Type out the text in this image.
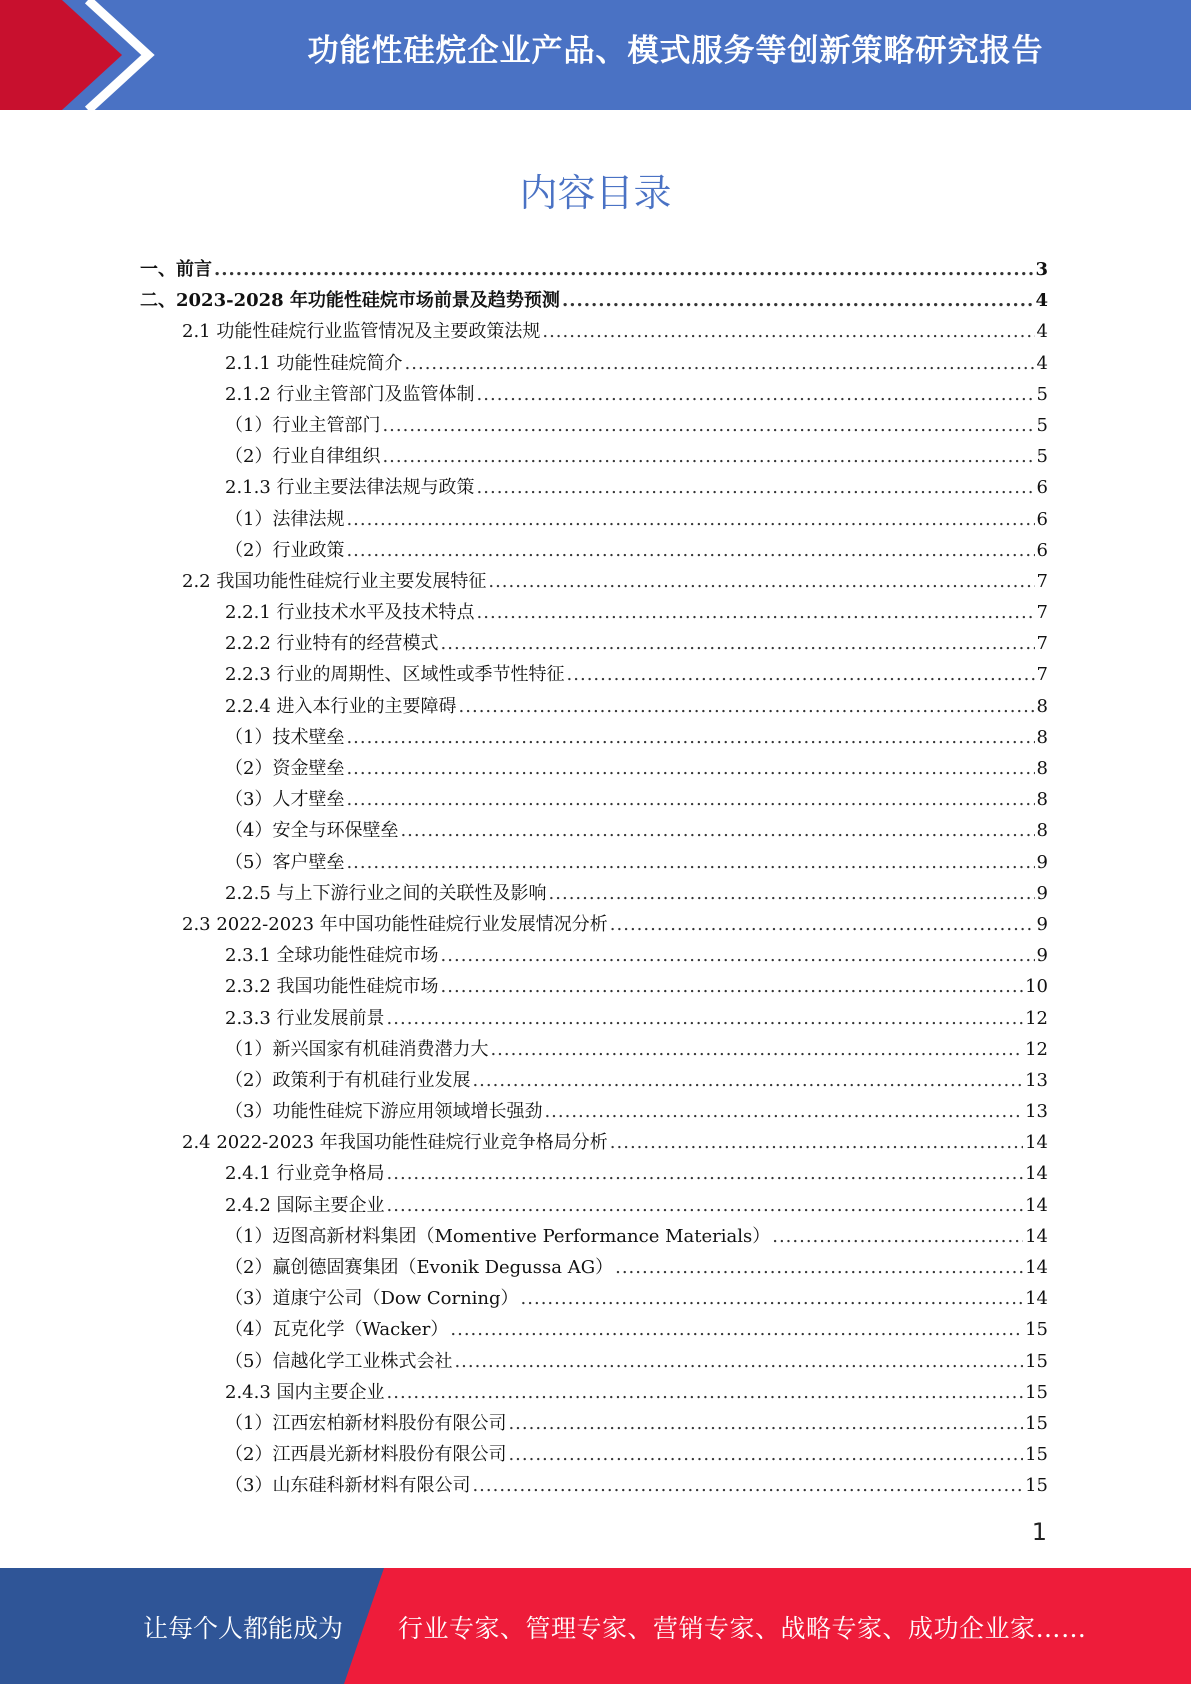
功能性硅烷企业产品、模式服务等创新策略研究报告
内容目录
一、前言 .....	3
二、2023-2028 年功能性硅烷市场前景及趋势预测 .....	4
2.1 功能性硅烷行业监管情况及主要政策法规 .....	4
2.1.1 功能性硅烷简介 .....	4
2.1.2 行业主管部门及监管体制 .....	5
（1）行业主管部门 .....	5
（2）行业自律组织 .....	5
2.1.3 行业主要法律法规与政策 .....	6
（1）法律法规 .....	6
（2）行业政策 .....	6
2.2 我国功能性硅烷行业主要发展特征 .....	7
2.2.1 行业技术水平及技术特点 .....	7
2.2.2 行业特有的经营模式 .....	7
2.2.3 行业的周期性、区域性或季节性特征 .....	7
2.2.4 进入本行业的主要障碍 .....	8
（1）技术壁垒 .....	8
（2）资金壁垒 .....	8
（3）人才壁垒 .....	8
（4）安全与环保壁垒 .....	8
（5）客户壁垒 .....	9
2.2.5 与上下游行业之间的关联性及影响 .....	9
2.3 2022-2023 年中国功能性硅烷行业发展情况分析 .....	9
2.3.1 全球功能性硅烷市场 .....	9
2.3.2 我国功能性硅烷市场 .....	10
2.3.3 行业发展前景 .....	12
（1）新兴国家有机硅消费潜力大 .....	12
（2）政策利于有机硅行业发展 .....	13
（3）功能性硅烷下游应用领域增长强劲 .....	13
2.4 2022-2023 年我国功能性硅烷行业竞争格局分析 .....	14
2.4.1 行业竞争格局 .....	14
2.4.2 国际主要企业 .....	14
（1）迈图高新材料集团（Momentive Performance Materials） .....	14
（2）赢创德固赛集团（Evonik Degussa AG） .....	14
（3）道康宁公司（Dow Corning） .....	14
（4）瓦克化学（Wacker） .....	15
（5）信越化学工业株式会社 .....	15
2.4.3 国内主要企业 .....	15
（1）江西宏柏新材料股份有限公司 .....	15
（2）江西晨光新材料股份有限公司 .....	15
（3）山东硅科新材料有限公司 .....	15
1
让每个人都能成为 行业专家、管理专家、营销专家、战略专家、成功企业家……
